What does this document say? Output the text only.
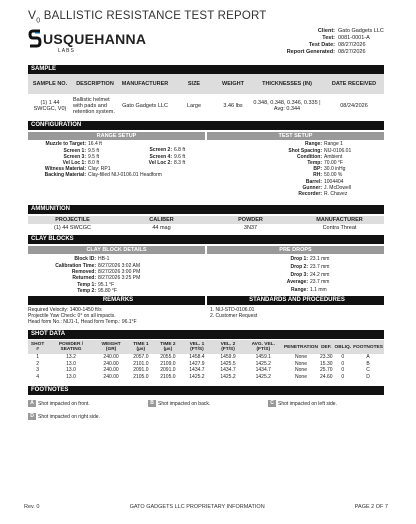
$V_0$ BALLISTIC RESISTANCE TEST REPORT
USQUEHANNA
LABS
Client: Gato Gadgets LLC
Test: 0081-0001-A
Test Date: 08/27/2026
Report Generated: 08/27/2026
SAMPLE
SAMPLE NO.	DESCRIPTION	MANUFACTURER	SIZE	WEIGHT	THICKNESSES (IN)	DATE RECEIVED
(1) 1 44 SWCGC, V0)	Ballistic helmet with pads and retention system.	Gato Gadgets LLC	Large	3.46 lbs	0.348, 0.348, 0.346, 0.335 | Avg: 0.344	08/24/2026
CONFIGURATION
RANGE SETUP	TEST SETUP
Muzzle to Target: 16.4 ft
Screen 1: 9.5 ft
Screen 3: 9.5 ft
Vel Loc 1: 8.0 ft
Witness Material: Clay: RP1
Backing Material: Clay-filled NIJ-0106.01 Headform
Screen 2: 6.8 ft
Screen 4: 9.6 ft
Vel Loc 2: 8.3 ft
Range: Range 1
Shot Spacing: NIJ-0106.01
Condition: Ambient
Temp: 70.00 °F
BP: 30.0 inHg
RH: 50.00 %
Barrel: 1004404
Gunner: J. McDowell
Recorder: R. Chavez
AMMUNITION
PROJECTILE	CALIBER	POWDER	MANUFACTURER
(1) 44 SWCGC	44 mag	3N37	Contra Threat
CLAY BLOCKS
CLAY BLOCK DETAILS	PRE DROPS
Block ID: HB-1
Calibration Time: 8/27/2026 3:02 AM
Removed: 8/27/2026 3:00 PM
Returned: 8/27/2026 3:25 PM
Temp 1: 95.1 °F
Temp 2: 95.80 °F
Drop 1: 23.1 mm
Drop 2: 23.7 mm
Drop 3: 24.2 mm
Average: 23.7 mm
Range: 1.1 mm
REMARKS
Required Velocity: 1400-1450 ft/s
Projectile Yaw Check: 0° on all impacts.
Head form No.: NIJ1-1, Head form Temp.: 96.1°F
STANDARDS AND PROCEDURES
1. NIJ-STD-0106.01
2. Customer Request
SHOT DATA
SHOT #	POWDER / SEATING	WEIGHT (GR)	TIME 1 (µs)	TIME 2 (µs)	VEL. 1 (FT/S)	VEL. 2 (FT/S)	AVG. VEL. (FT/S)	PENETRATION	DEF.	OBLIQ.	FOOTNOTES
1	13.2	240.00	2057.0	2055.0	1458.4	1459.9	1459.1	None	23.30	0	A
2	13.0	240.00	2101.0	2109.0	1427.9	1425.5	1425.2	None	15.30	0	B
3	13.0	240.00	2091.0	2091.0	1434.7	1434.7	1434.7	None	25.70	0	C
4	13.0	240.00	2105.0	2105.0	1425.2	1425.2	1425.2	None	24.60	0	D
FOOTNOTES
A Shot impacted on front.	B Shot impacted on back.	C Shot impacted on left side.
D Shot impacted on right side.
Rev. 0	GATO GADGETS LLC PROPRIETARY INFORMATION	PAGE 2 OF 7
